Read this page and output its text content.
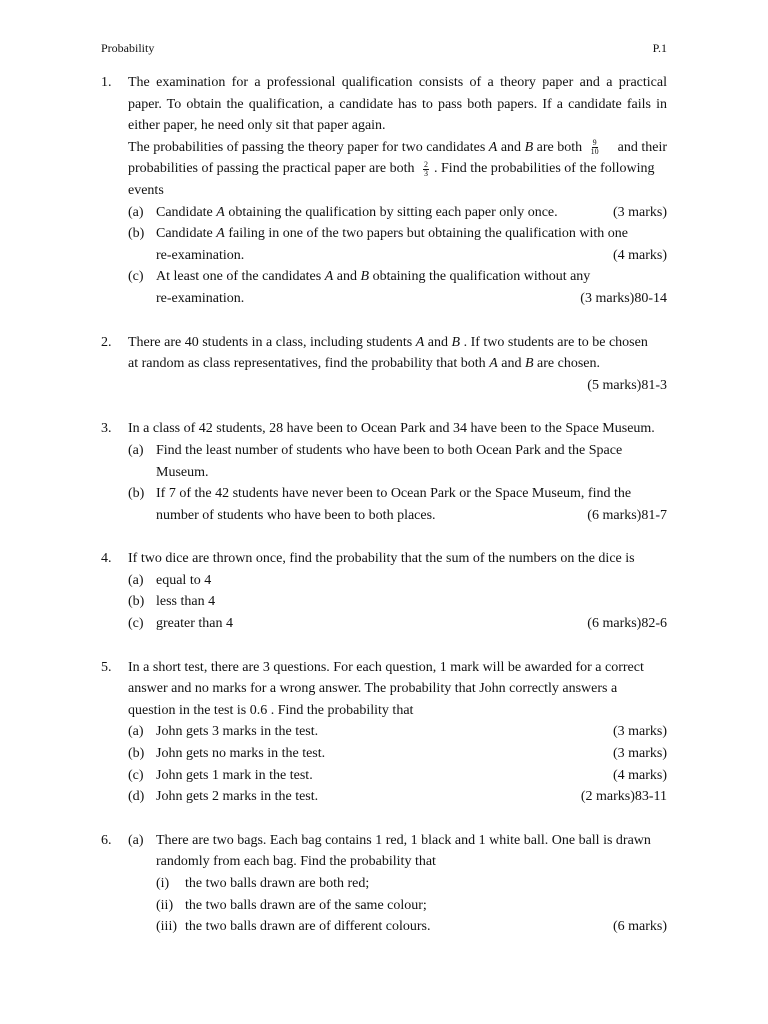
Probability	P.1
1.	The examination for a professional qualification consists of a theory paper and a practical paper. To obtain the qualification, a candidate has to pass both papers. If a candidate fails in either paper, he need only sit that paper again.
The probabilities of passing the theory paper for two candidates A and B are both $\frac{9}{10}$ and their
probabilities of passing the practical paper are both $\frac{2}{3}$ . Find the probabilities of the following
events
(a) Candidate A obtaining the qualification by sitting each paper only once.	(3 marks)
(b) Candidate A failing in one of the two papers but obtaining the qualification with one
re-examination.	(4 marks)
(c) At least one of the candidates A and B obtaining the qualification without any
re-examination.	(3 marks)80-14
2.	There are 40 students in a class, including students A and B . If two students are to be chosen
at random as class representatives, find the probability that both A and B are chosen.
(5 marks)81-3
3.	In a class of 42 students, 28 have been to Ocean Park and 34 have been to the Space Museum.
(a) Find the least number of students who have been to both Ocean Park and the Space
Museum.
(b) If 7 of the 42 students have never been to Ocean Park or the Space Museum, find the
number of students who have been to both places.	(6 marks)81-7
4.	If two dice are thrown once, find the probability that the sum of the numbers on the dice is
(a) equal to 4
(b) less than 4
(c) greater than 4	(6 marks)82-6
5.	In a short test, there are 3 questions. For each question, 1 mark will be awarded for a correct answer and no marks for a wrong answer. The probability that John correctly answers a question in the test is 0.6 . Find the probability that
(a) John gets 3 marks in the test.	(3 marks)
(b) John gets no marks in the test.	(3 marks)
(c) John gets 1 mark in the test.	(4 marks)
(d) John gets 2 marks in the test.	(2 marks)83-11
6.	(a) There are two bags. Each bag contains 1 red, 1 black and 1 white ball. One ball is drawn
randomly from each bag. Find the probability that
(i)	the two balls drawn are both red;
(ii) the two balls drawn are of the same colour;
(iii) the two balls drawn are of different colours.	(6 marks)
